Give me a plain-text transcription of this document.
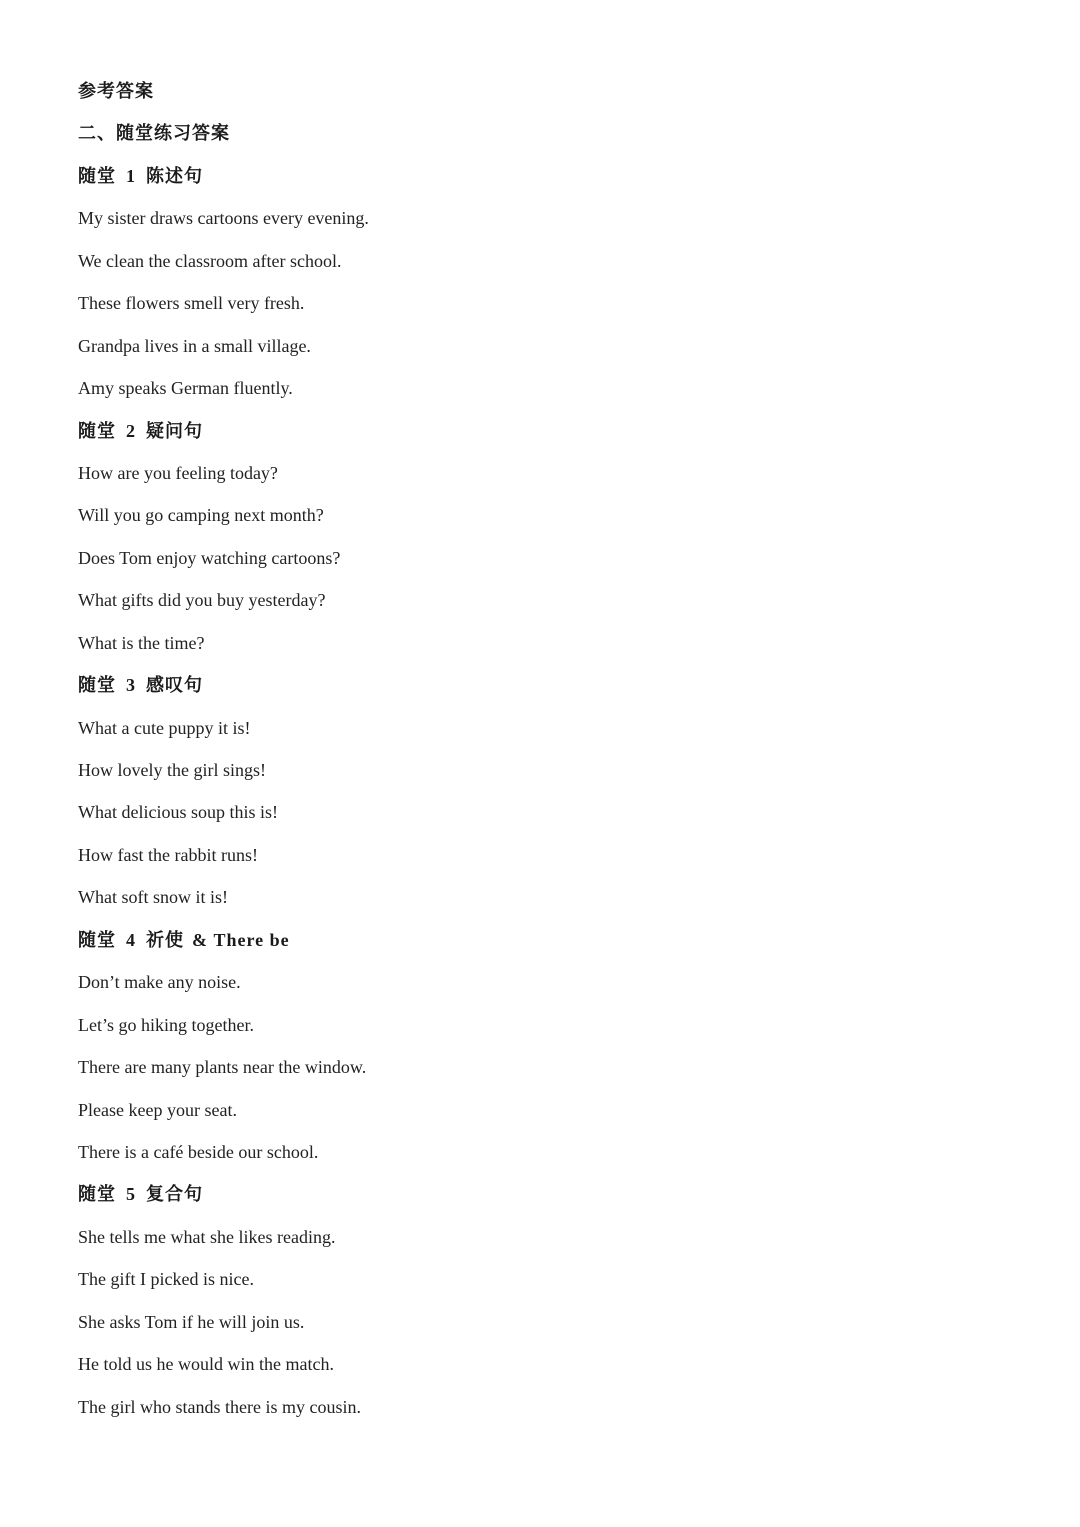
参考答案
二、随堂练习答案
随堂 1 陈述句
My sister draws cartoons every evening.
We clean the classroom after school.
These flowers smell very fresh.
Grandpa lives in a small village.
Amy speaks German fluently.
随堂 2 疑问句
How are you feeling today?
Will you go camping next month?
Does Tom enjoy watching cartoons?
What gifts did you buy yesterday?
What is the time?
随堂 3 感叹句
What a cute puppy it is!
How lovely the girl sings!
What delicious soup this is!
How fast the rabbit runs!
What soft snow it is!
随堂 4 祈使 & There be
Don’t make any noise.
Let’s go hiking together.
There are many plants near the window.
Please keep your seat.
There is a café beside our school.
随堂 5 复合句
She tells me what she likes reading.
The gift I picked is nice.
She asks Tom if he will join us.
He told us he would win the match.
The girl who stands there is my cousin.
